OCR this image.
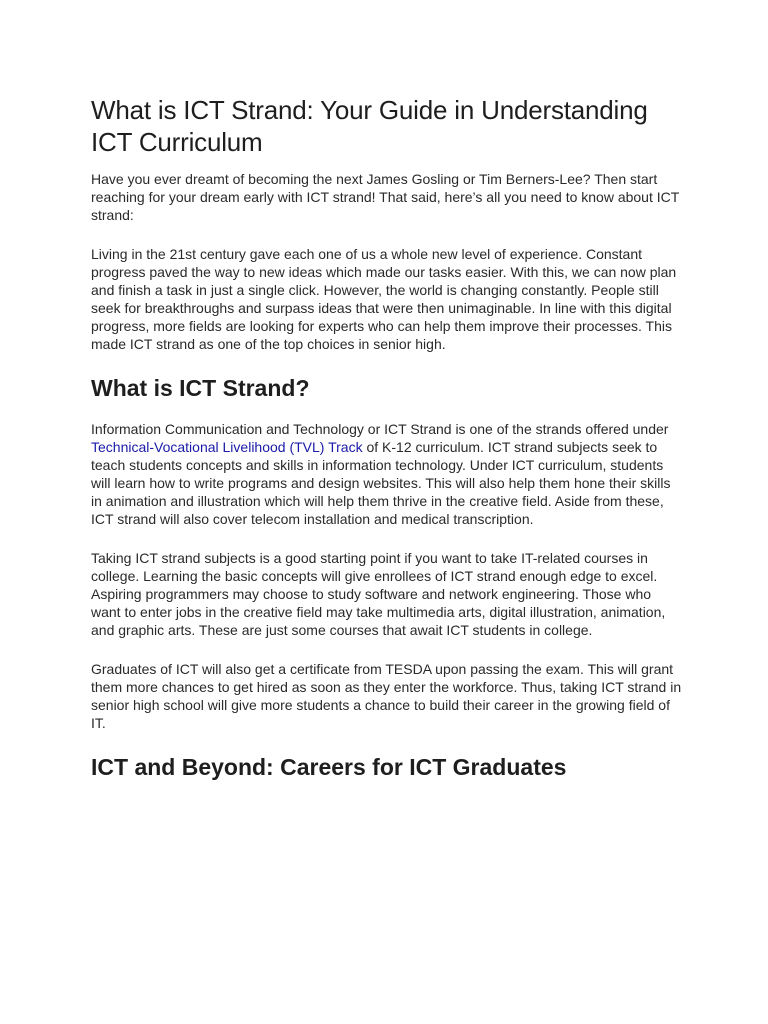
What is ICT Strand: Your Guide in Understanding ICT Curriculum

Have you ever dreamt of becoming the next James Gosling or Tim Berners-Lee? Then start reaching for your dream early with ICT strand! That said, here’s all you need to know about ICT strand:

Living in the 21st century gave each one of us a whole new level of experience. Constant progress paved the way to new ideas which made our tasks easier. With this, we can now plan and finish a task in just a single click. However, the world is changing constantly. People still seek for breakthroughs and surpass ideas that were then unimaginable. In line with this digital progress, more fields are looking for experts who can help them improve their processes. This made ICT strand as one of the top choices in senior high.

What is ICT Strand?

Information Communication and Technology or ICT Strand is one of the strands offered under Technical-Vocational Livelihood (TVL) Track of K-12 curriculum. ICT strand subjects seek to teach students concepts and skills in information technology. Under ICT curriculum, students will learn how to write programs and design websites. This will also help them hone their skills in animation and illustration which will help them thrive in the creative field. Aside from these, ICT strand will also cover telecom installation and medical transcription.

Taking ICT strand subjects is a good starting point if you want to take IT-related courses in college. Learning the basic concepts will give enrollees of ICT strand enough edge to excel. Aspiring programmers may choose to study software and network engineering. Those who want to enter jobs in the creative field may take multimedia arts, digital illustration, animation, and graphic arts. These are just some courses that await ICT students in college.

Graduates of ICT will also get a certificate from TESDA upon passing the exam. This will grant them more chances to get hired as soon as they enter the workforce. Thus, taking ICT strand in senior high school will give more students a chance to build their career in the growing field of IT.

ICT and Beyond: Careers for ICT Graduates
